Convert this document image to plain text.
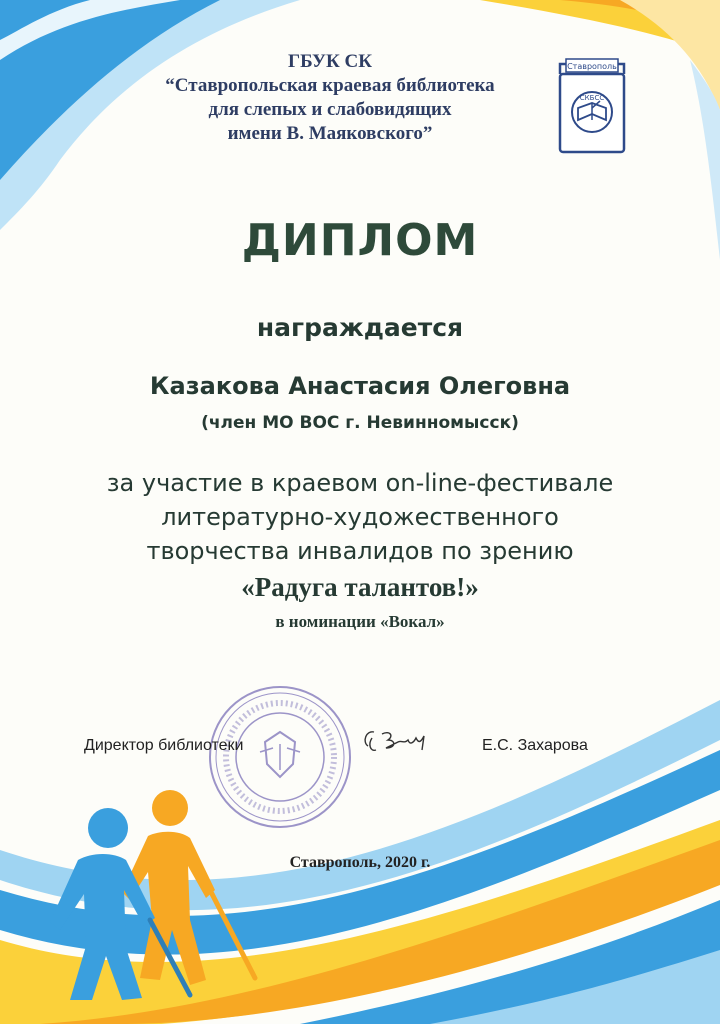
ГБУК СК
“Ставропольская краевая библиотека
для слепых и слабовидящих
имени В. Маяковского”
Ставрополь
СКБСС
ДИПЛОМ
награждается
Казакова Анастасия Олеговна
(член МО ВОС г. Невинномысск)
за участие в краевом on-line-фестивале
литературно-художественного
творчества инвалидов по зрению
«Радуга талантов!»
в номинации «Вокал»
Директор библиотеки	Е.С. Захарова
Ставрополь, 2020 г.
